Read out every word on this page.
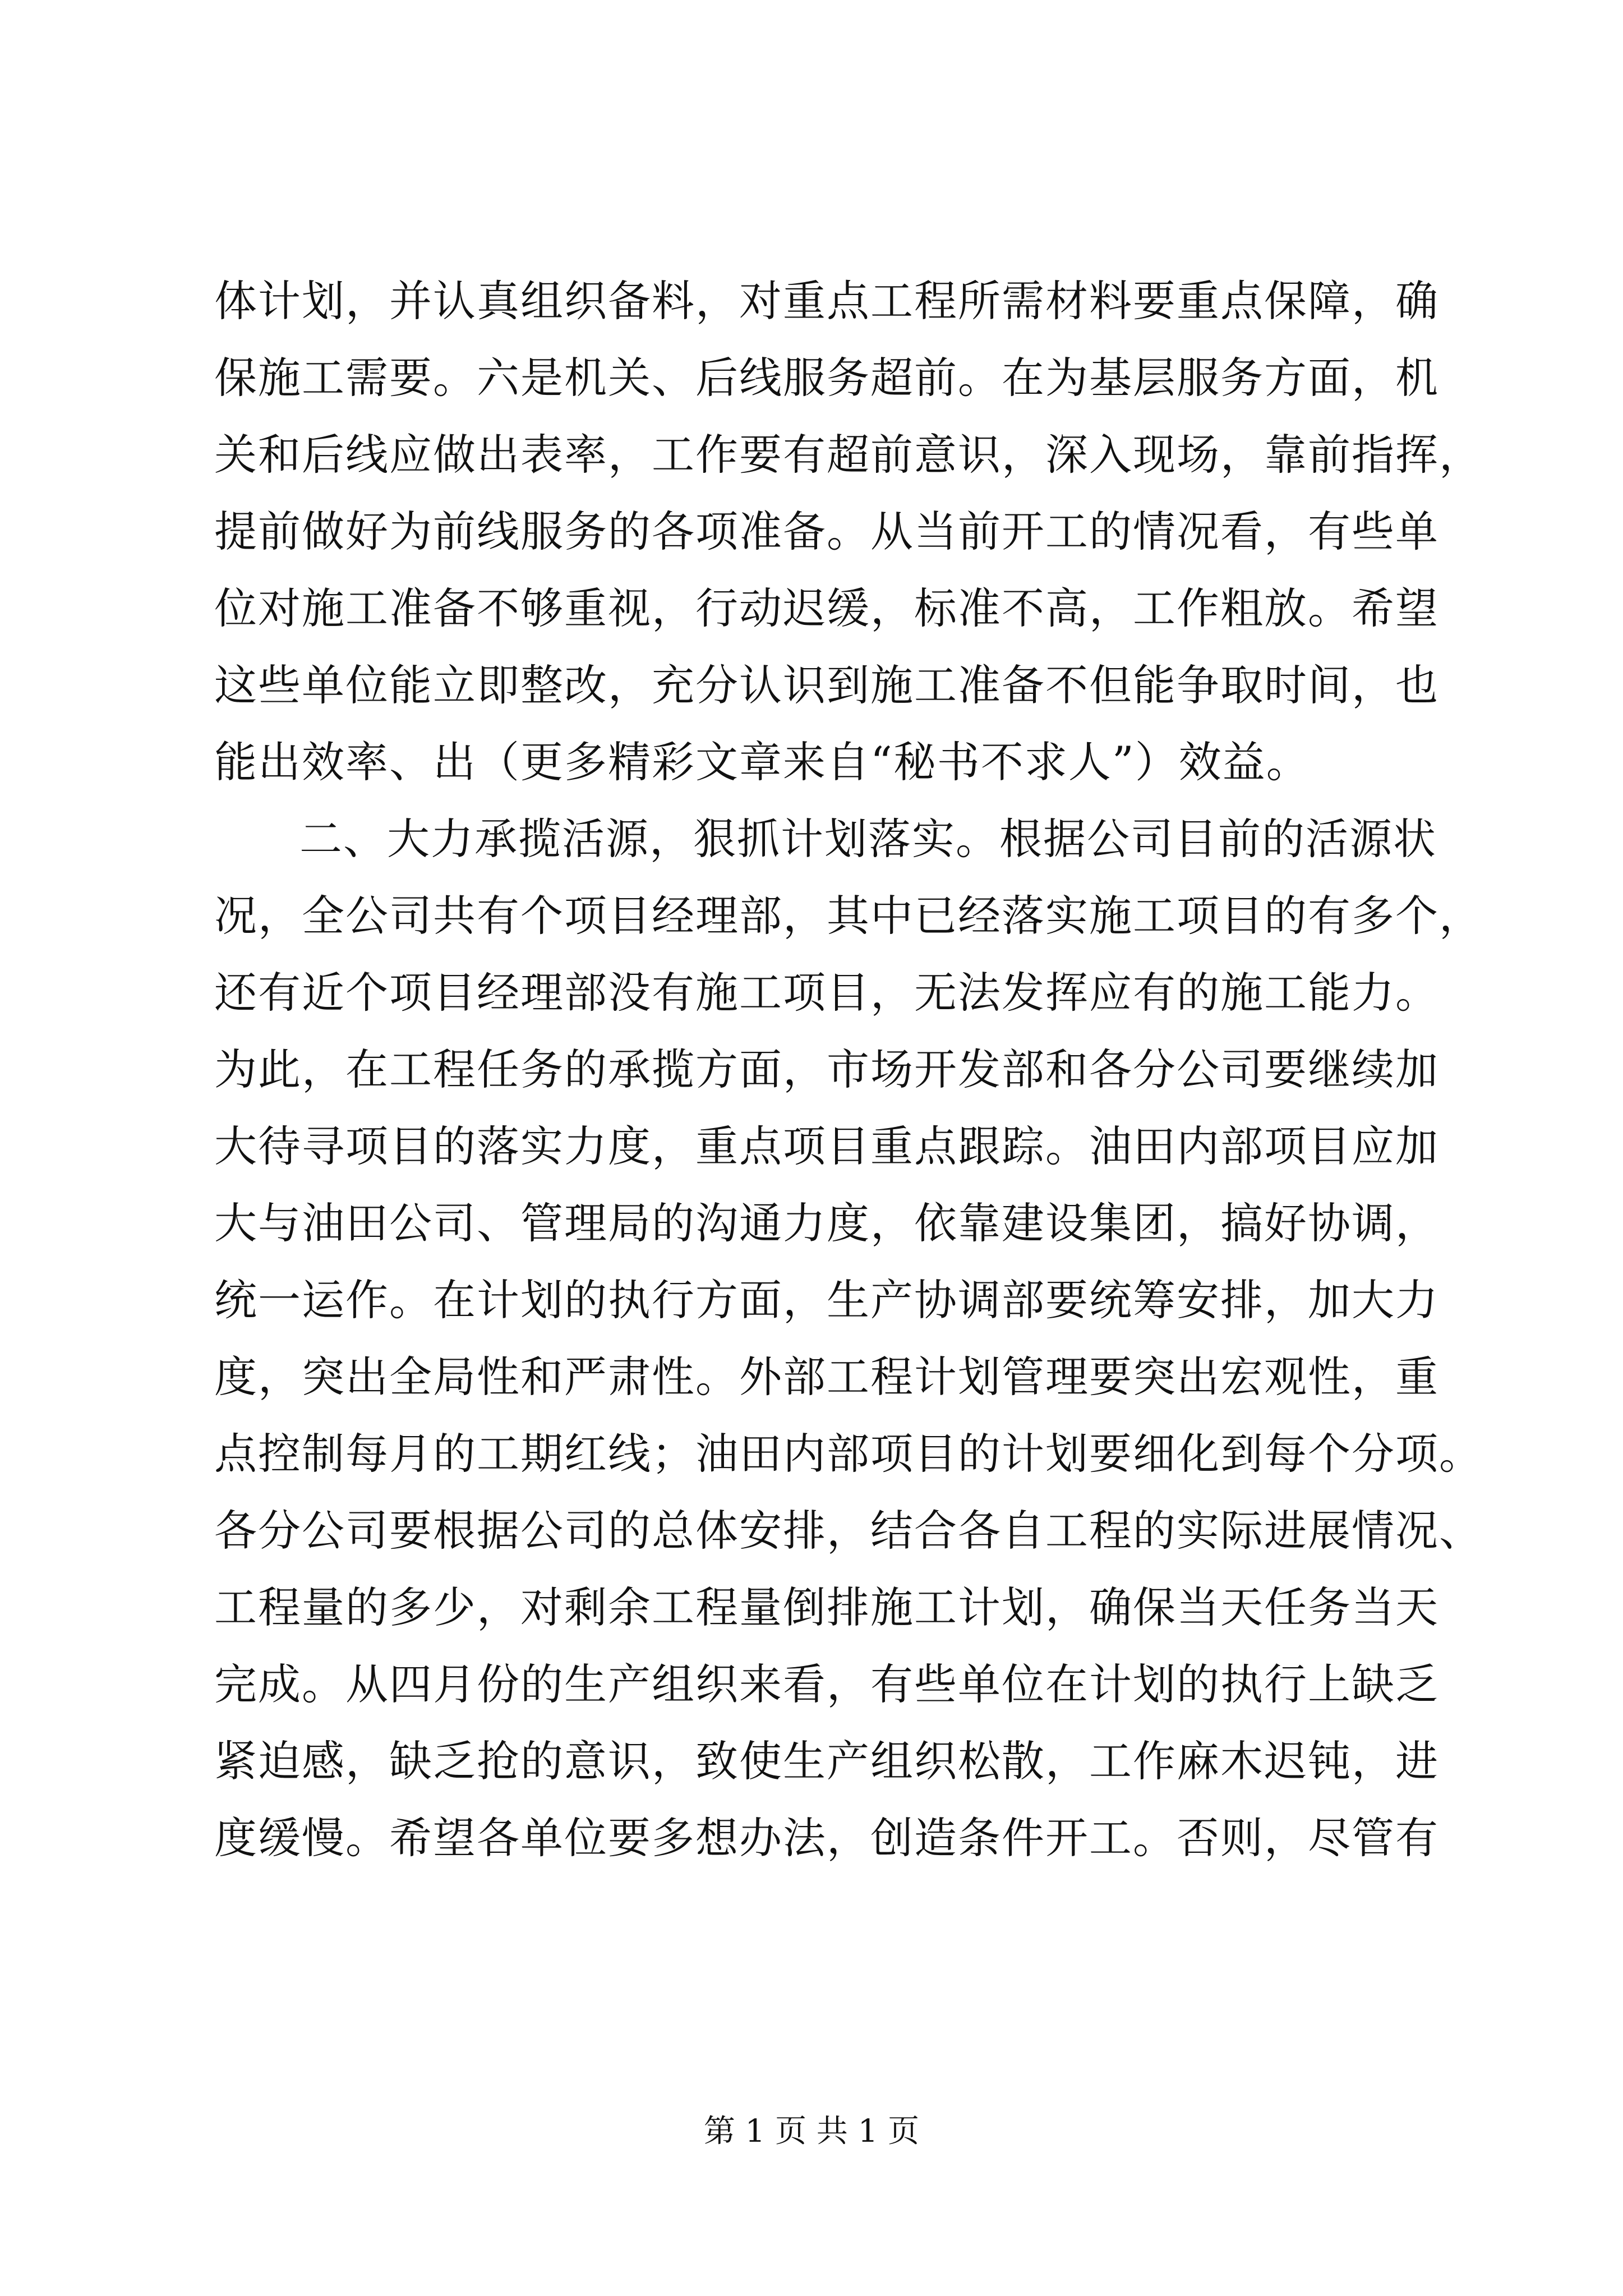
体计划，并认真组织备料，对重点工程所需材料要重点保障，确
保施工需要。六是机关、后线服务超前。在为基层服务方面，机
关和后线应做出表率，工作要有超前意识，深入现场，靠前指挥，
提前做好为前线服务的各项准备。从当前开工的情况看，有些单
位对施工准备不够重视，行动迟缓，标准不高，工作粗放。希望
这些单位能立即整改，充分认识到施工准备不但能争取时间，也
能出效率、出（更多精彩文章来自“秘书不求人”）效益。
二、大力承揽活源，狠抓计划落实。根据公司目前的活源状
况，全公司共有个项目经理部，其中已经落实施工项目的有多个，
还有近个项目经理部没有施工项目，无法发挥应有的施工能力。
为此，在工程任务的承揽方面，市场开发部和各分公司要继续加
大待寻项目的落实力度，重点项目重点跟踪。油田内部项目应加
大与油田公司、管理局的沟通力度，依靠建设集团，搞好协调，
统一运作。在计划的执行方面，生产协调部要统筹安排，加大力
度，突出全局性和严肃性。外部工程计划管理要突出宏观性，重
点控制每月的工期红线；油田内部项目的计划要细化到每个分项。
各分公司要根据公司的总体安排，结合各自工程的实际进展情况、
工程量的多少，对剩余工程量倒排施工计划，确保当天任务当天
完成。从四月份的生产组织来看，有些单位在计划的执行上缺乏
紧迫感，缺乏抢的意识，致使生产组织松散，工作麻木迟钝，进
度缓慢。希望各单位要多想办法，创造条件开工。否则，尽管有
第 1 页 共 1 页
